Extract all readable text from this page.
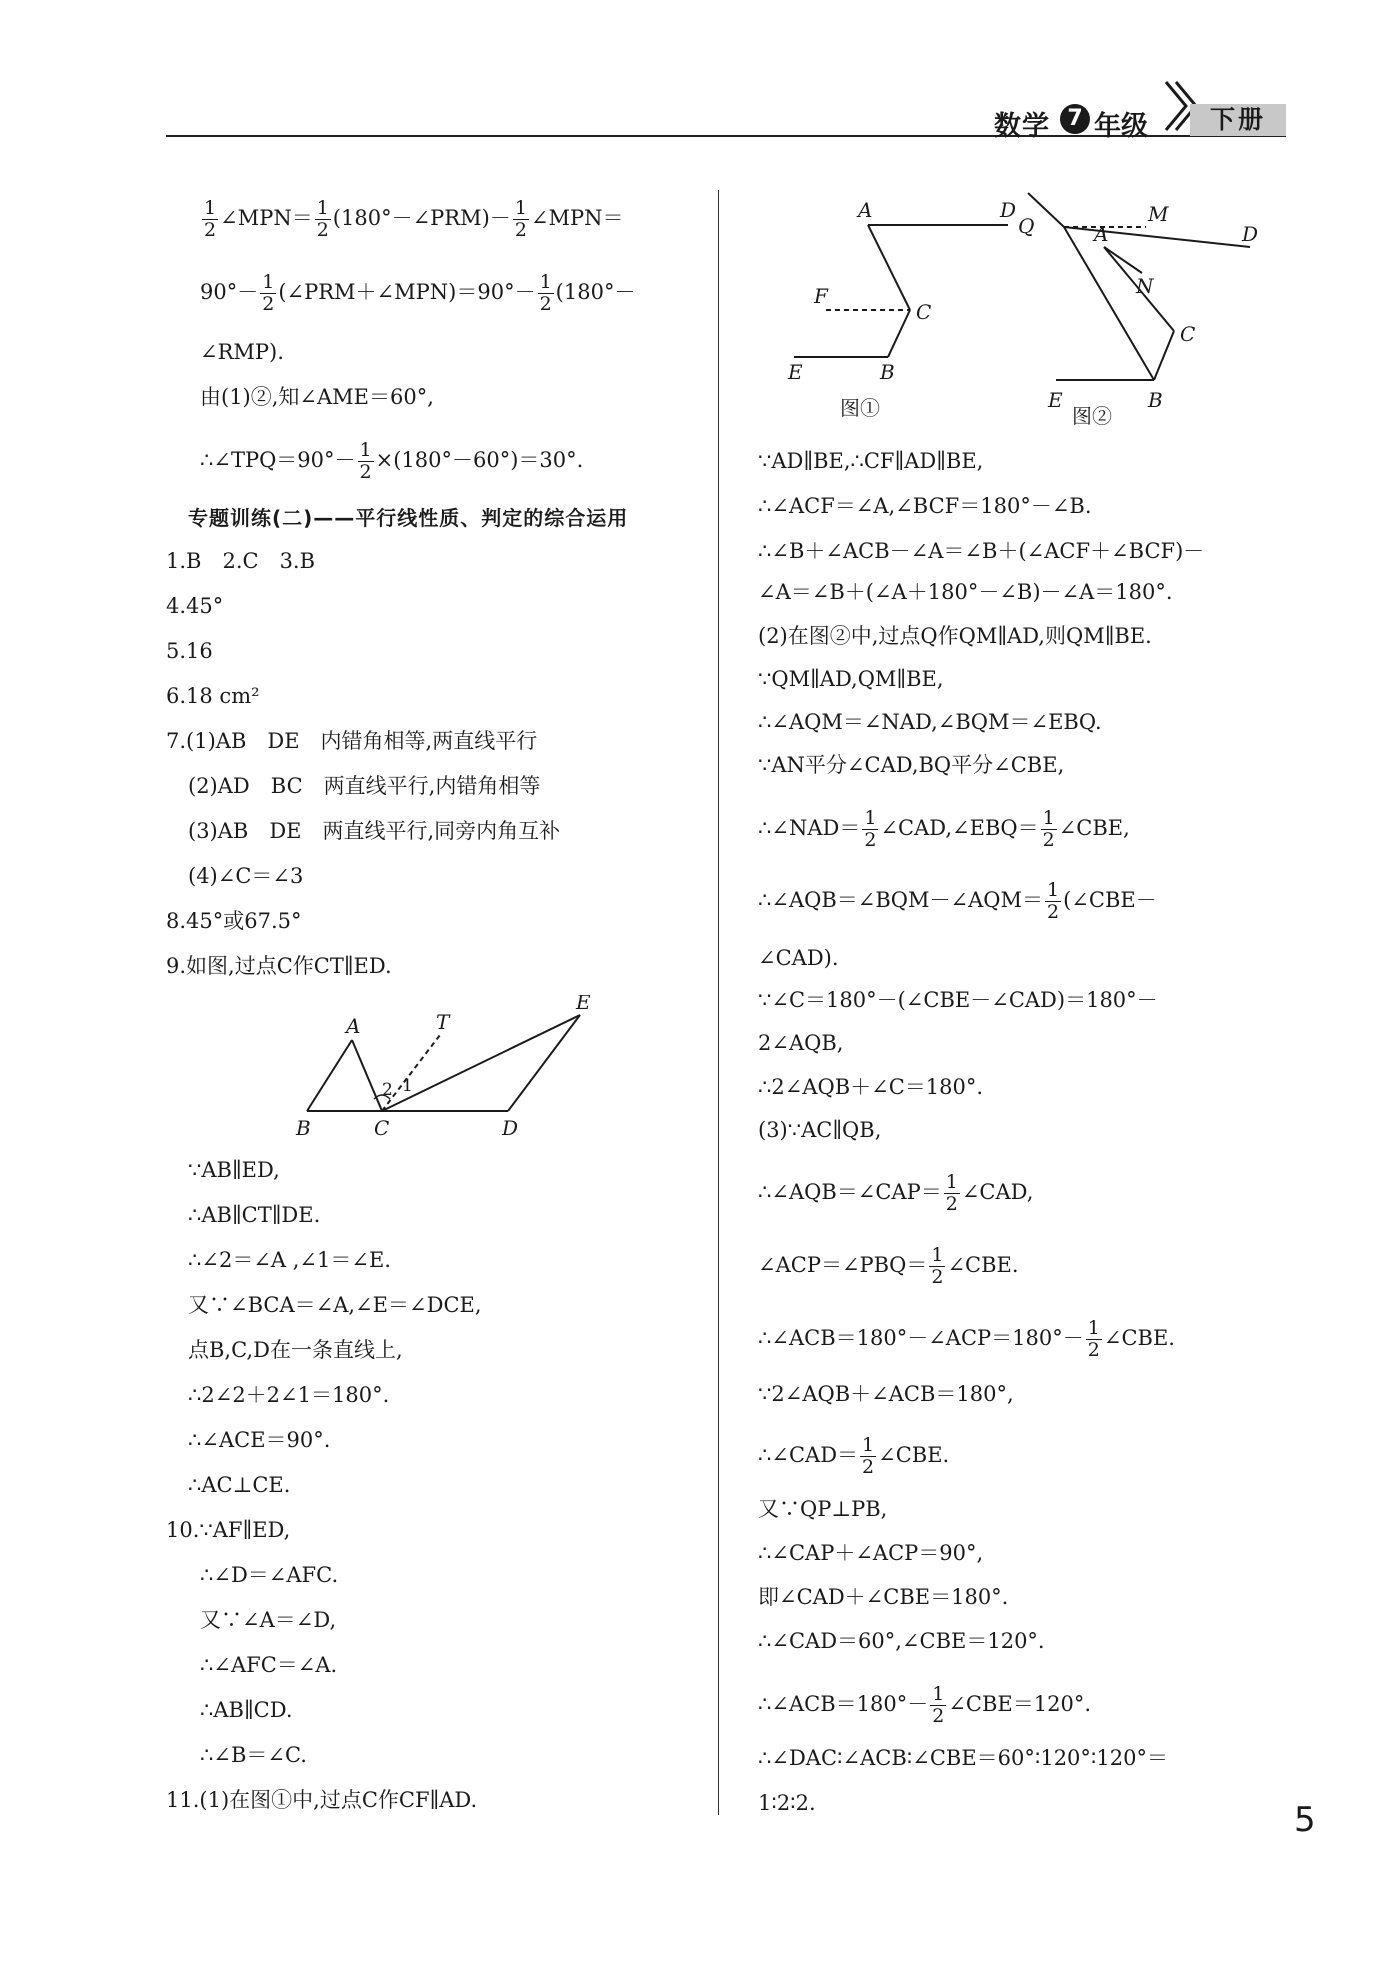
数学 7 年级	下册
$\frac{1}{2}$ ∠MPN＝ $\frac{1}{2}$ (180°－∠PRM)－ $\frac{1}{2}$ ∠MPN＝
$90^\circ- \frac{1}{2}$ (∠PRM＋∠MPN)＝90°－ $\frac{1}{2} (180^\circ-$
∠RMP).
由(1)②,知∠AME＝60°,
∴∠TPQ＝90°－ $\frac{1}{2} \times(180^\circ-60^\circ)=30^\circ$.
专题训练(二)——平行线性质、判定的综合运用
1.B　2.C　3.B
4.45°
5.16
6.18 cm²
7.(1)AB　DE　内错角相等,两直线平行
(2)AD　BC　两直线平行,内错角相等
(3)AB　DE　两直线平行,同旁内角互补
(4)∠C＝∠3
8.45°或67.5°
9.如图,过点C作CT∥ED.
A	T
E
2 1
B	C	D
∵AB∥ED,
∴AB∥CT∥DE.
∴∠2＝∠A ,∠1＝∠E.
又∵∠BCA＝∠A,∠E＝∠DCE,
点B,C,D在一条直线上,
∴2∠2＋2∠1＝180°.
∴∠ACE＝90°.
∴AC⊥CE.
10.∵AF∥ED,
∴∠D＝∠AFC.
又∵∠A＝∠D,
∴∠AFC＝∠A.
∴AB∥CD.
∴∠B＝∠C.
11.(1)在图①中,过点C作CF∥AD.
A	D
F
C
E	B
图①
Q	M
A	D
N
C
E	B
图②
∵AD∥BE,∴CF∥AD∥BE,
∴∠ACF＝∠A,∠BCF＝180°－∠B.
∴∠B＋∠ACB－∠A＝∠B＋(∠ACF＋∠BCF)－
∠A＝∠B＋(∠A＋180°－∠B)－∠A＝180°.
(2)在图②中,过点Q作QM∥AD,则QM∥BE.
∵QM∥AD,QM∥BE,
∴∠AQM＝∠NAD,∠BQM＝∠EBQ.
∵AN平分∠CAD,BQ平分∠CBE,
∴∠NAD＝ $\frac{1}{2}$ ∠CAD,∠EBQ＝ $\frac{1}{2}$ ∠CBE,
∴∠AQB＝∠BQM－∠AQM＝ $\frac{1}{2}$ (∠CBE－
∠CAD).
∵∠C＝180°－(∠CBE－∠CAD)＝180°－
2∠AQB,
∴2∠AQB＋∠C＝180°.
(3)∵AC∥QB,
∴∠AQB＝∠CAP＝ $\frac{1}{2}$ ∠CAD,
∠ACP＝∠PBQ＝ $\frac{1}{2}$ ∠CBE.
∴∠ACB＝180°－∠ACP＝180°－ $\frac{1}{2}$ ∠CBE.
∵2∠AQB＋∠ACB＝180°,
∴∠CAD＝ $\frac{1}{2}$ ∠CBE.
又∵QP⊥PB,
∴∠CAP＋∠ACP＝90°,
即∠CAD＋∠CBE＝180°.
∴∠CAD＝60°,∠CBE＝120°.
∴∠ACB＝180°－ $\frac{1}{2}$ ∠CBE＝120°.
∴∠DAC∶∠ACB∶∠CBE＝60°∶120°∶120°＝
1∶2∶2.	5
